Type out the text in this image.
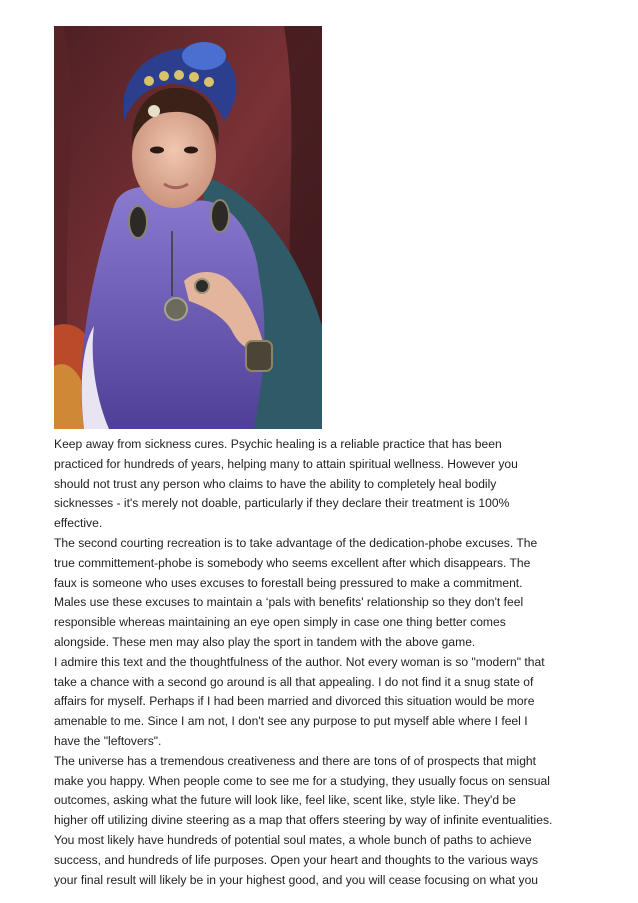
Keep away from sickness cures. Psychic healing is a reliable practice that has been

practiced for hundreds of years, helping many to attain spiritual wellness. However you

should not trust any person who claims to have the ability to completely heal bodily

sicknesses - it's merely not doable, particularly if they declare their treatment is 100%

effective.

The second courting recreation is to take advantage of the dedication-phobe excuses. The

true committement-phobe is somebody who seems excellent after which disappears. The

faux is someone who uses excuses to forestall being pressured to make a commitment.

Males use these excuses to maintain a ‘pals with benefits' relationship so they don't feel

responsible whereas maintaining an eye open simply in case one thing better comes

alongside. These men may also play the sport in tandem with the above game.

I admire this text and the thoughtfulness of the author. Not every woman is so "modern" that

take a chance with a second go around is all that appealing. I do not find it a snug state of

affairs for myself. Perhaps if I had been married and divorced this situation would be more

amenable to me. Since I am not, I don't see any purpose to put myself able where I feel I

have the "leftovers".

The universe has a tremendous creativeness and there are tons of of prospects that might

make you happy. When people come to see me for a studying, they usually focus on sensual

outcomes, asking what the future will look like, feel like, scent like, style like. They'd be

higher off utilizing divine steering as a map that offers steering by way of infinite eventualities.

You most likely have hundreds of potential soul mates, a whole bunch of paths to achieve

success, and hundreds of life purposes. Open your heart and thoughts to the various ways

your final result will likely be in your highest good, and you will cease focusing on what you
